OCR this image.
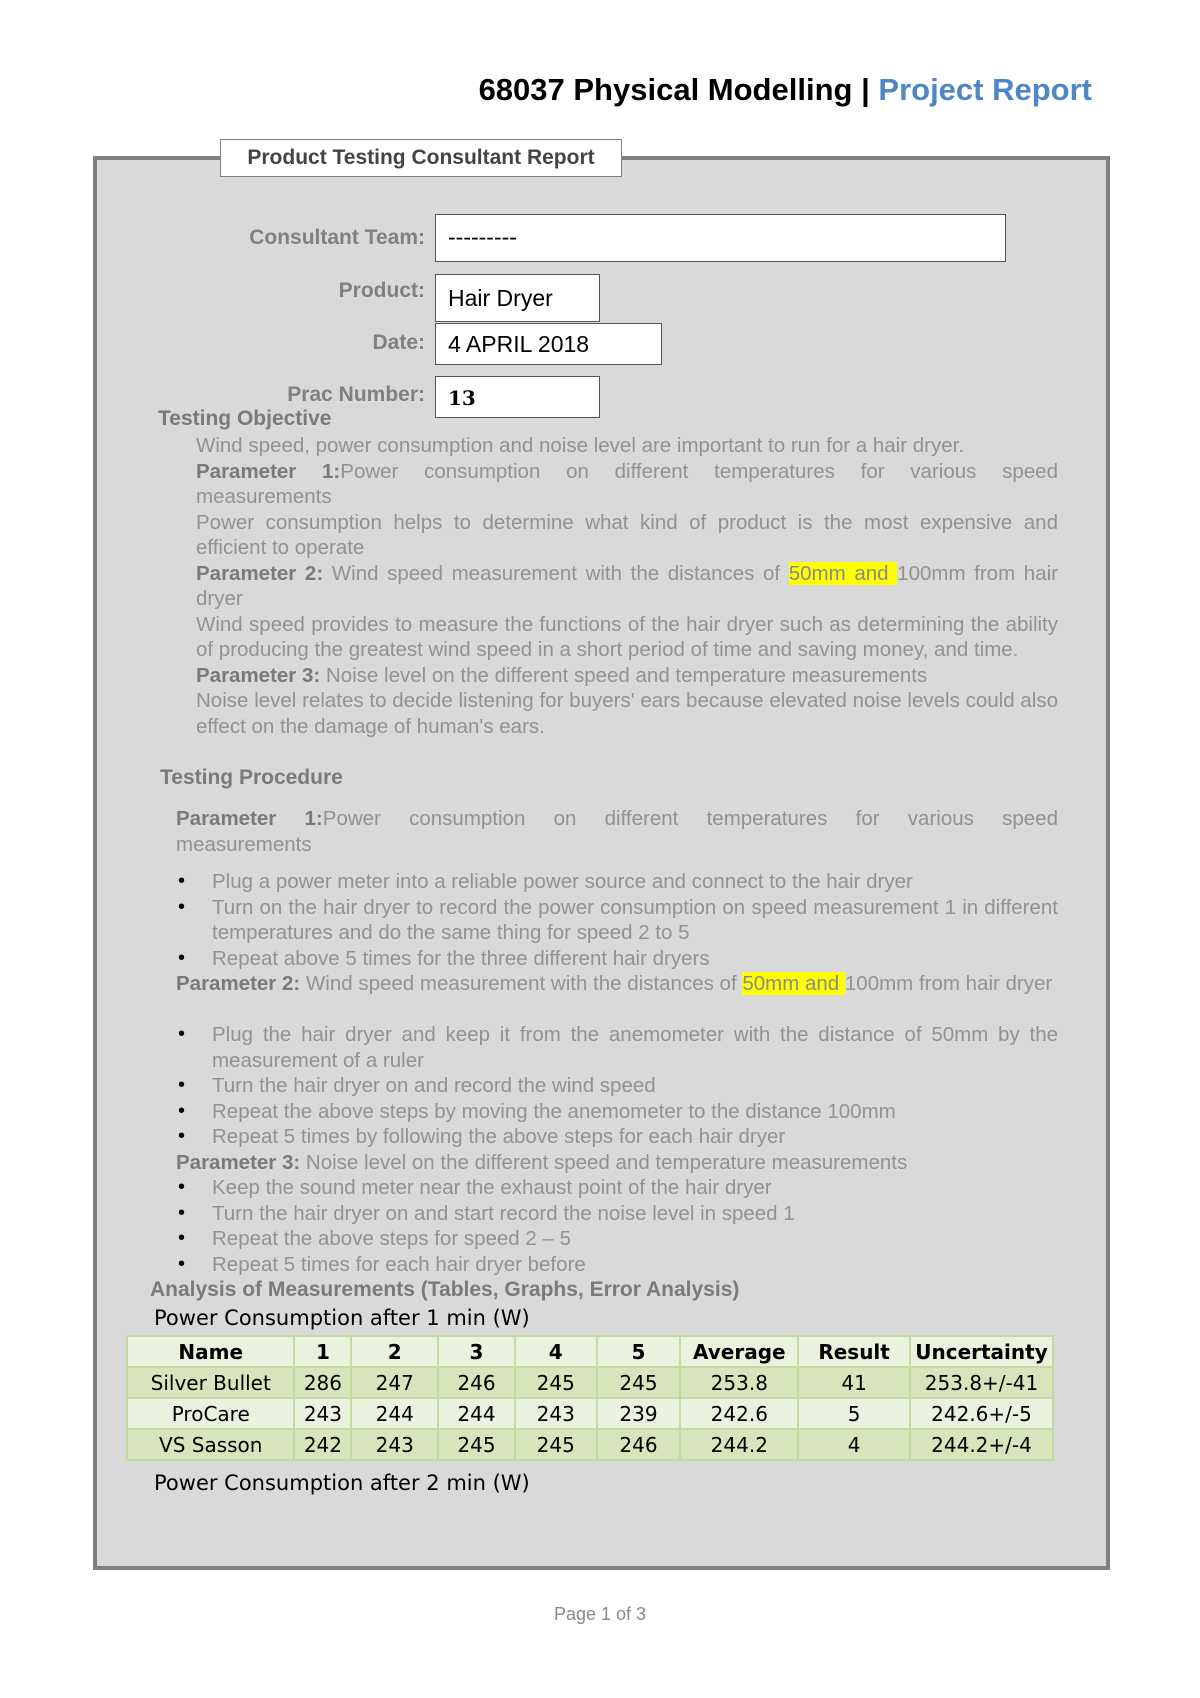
68037 Physical Modelling | Project Report
Product Testing Consultant Report
Consultant Team:	---------
Product:	Hair Dryer
Date:	4 APRIL 2018
Prac Number:	13
Testing Objective
Wind speed, power consumption and noise level are important to run for a hair dryer.
Parameter 1:Power consumption on different temperatures for various speed measurements
Power consumption helps to determine what kind of product is the most expensive and efficient to operate
Parameter 2: Wind speed measurement with the distances of 50mm and 100mm from hair dryer
Wind speed provides to measure the functions of the hair dryer such as determining the ability of producing the greatest wind speed in a short period of time and saving money, and time.
Parameter 3: Noise level on the different speed and temperature measurements
Noise level relates to decide listening for buyers' ears because elevated noise levels could also effect on the damage of human's ears.
Testing Procedure
Parameter 1:Power consumption on different temperatures for various speed measurements
• Plug a power meter into a reliable power source and connect to the hair dryer
• Turn on the hair dryer to record the power consumption on speed measurement 1 in different temperatures and do the same thing for speed 2 to 5
• Repeat above 5 times for the three different hair dryers
Parameter 2: Wind speed measurement with the distances of 50mm and 100mm from hair dryer
• Plug the hair dryer and keep it from the anemometer with the distance of 50mm by the measurement of a ruler
• Turn the hair dryer on and record the wind speed
• Repeat the above steps by moving the anemometer to the distance 100mm
• Repeat 5 times by following the above steps for each hair dryer
Parameter 3: Noise level on the different speed and temperature measurements
• Keep the sound meter near the exhaust point of the hair dryer
• Turn the hair dryer on and start record the noise level in speed 1
• Repeat the above steps for speed 2 – 5
• Repeat 5 times for each hair dryer before
Analysis of Measurements (Tables, Graphs, Error Analysis)
Power Consumption after 1 min (W)
Name	1	2	3	4	5	Average	Result	Uncertainty
Silver Bullet	286	247	246	245	245	253.8	41	253.8+/-41
ProCare	243	244	244	243	239	242.6	5	242.6+/-5
VS Sasson	242	243	245	245	246	244.2	4	244.2+/-4
Power Consumption after 2 min (W)
Page 1 of 3
